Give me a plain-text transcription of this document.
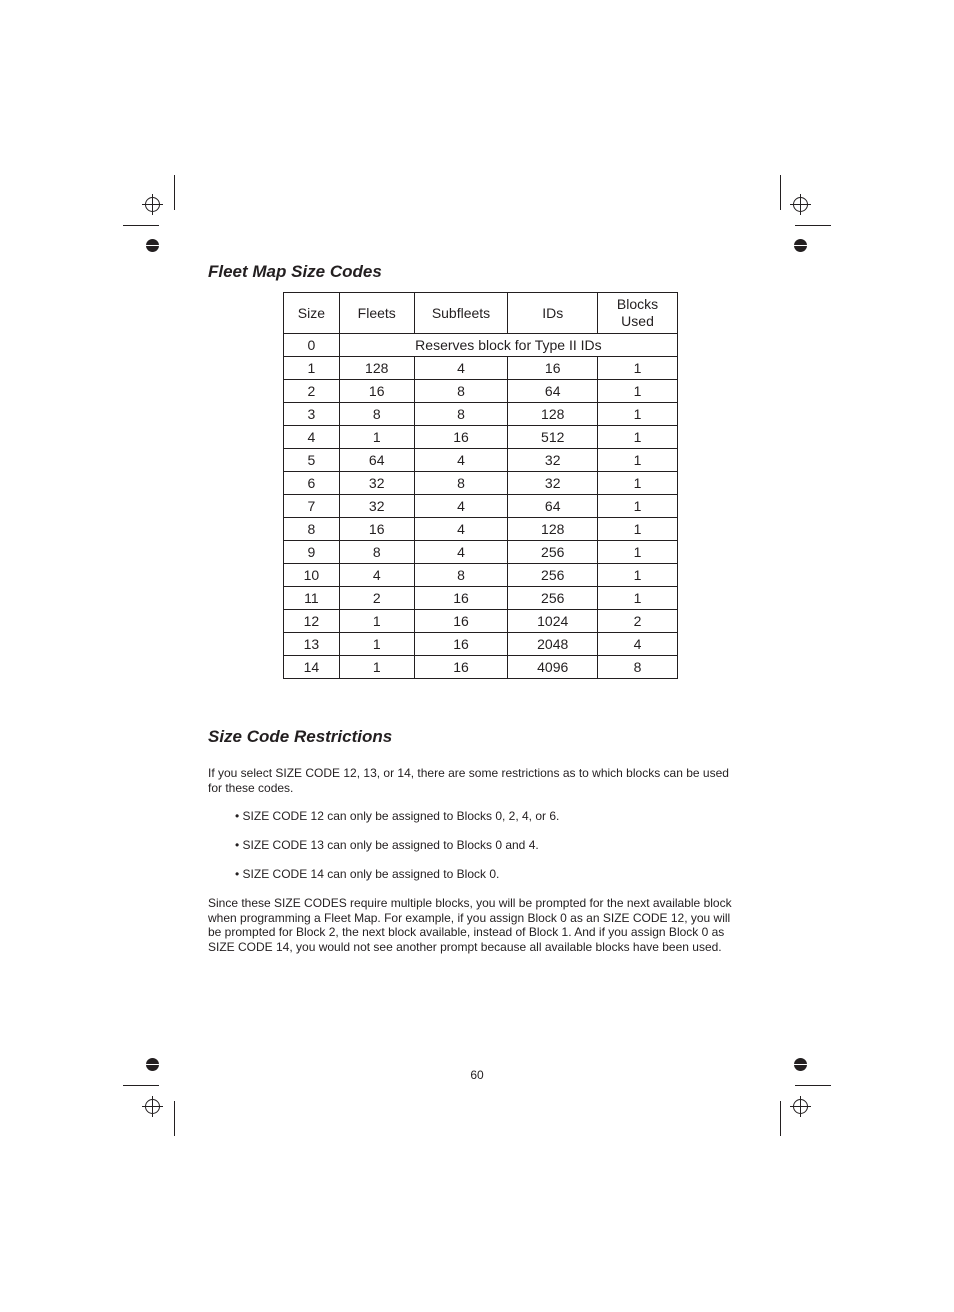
Fleet Map Size Codes
Size	Fleets	Subfleets	IDs	Blocks Used
0	Reserves block for Type II IDs			
1	128	4	16	1
2	16	8	64	1
3	8	8	128	1
4	1	16	512	1
5	64	4	32	1
6	32	8	32	1
7	32	4	64	1
8	16	4	128	1
9	8	4	256	1
10	4	8	256	1
11	2	16	256	1
12	1	16	1024	2
13	1	16	2048	4
14	1	16	4096	8
Size Code Restrictions

If you select SIZE CODE 12, 13, or 14, there are some restrictions as to which blocks can be used for these codes.

• SIZE CODE 12 can only be assigned to Blocks 0, 2, 4, or 6.

• SIZE CODE 13 can only be assigned to Blocks 0 and 4.

• SIZE CODE 14 can only be assigned to Block 0.

Since these SIZE CODES require multiple blocks, you will be prompted for the next available block when programming a Fleet Map. For example, if you assign Block 0 as an SIZE CODE 12, you will be prompted for Block 2, the next block available, instead of Block 1. And if you assign Block 0 as SIZE CODE 14, you would not see another prompt because all available blocks have been used.

60
